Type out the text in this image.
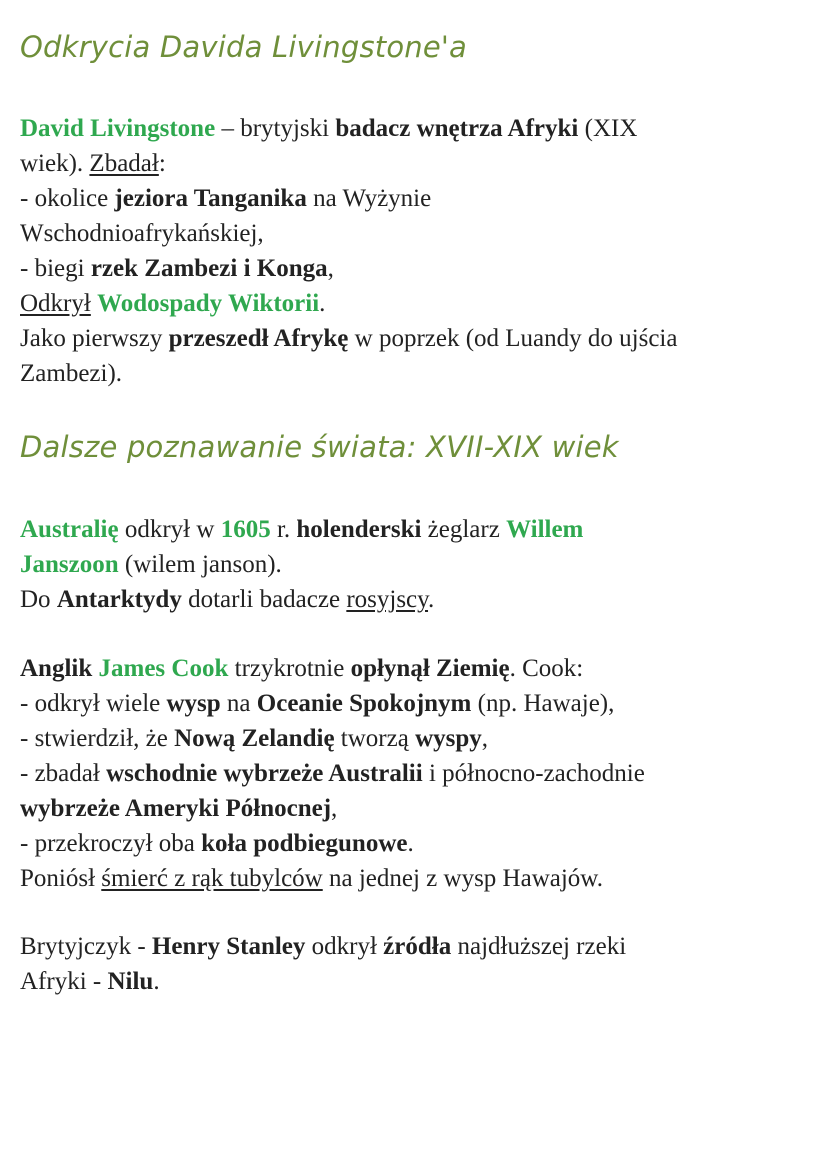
Odkrycia Davida Livingstone'a
David Livingstone – brytyjski badacz wnętrza Afryki (XIX
wiek). Zbadał:
- okolice jeziora Tanganika na Wyżynie
Wschodnioafrykańskiej,
- biegi rzek Zambezi i Konga,
Odkrył Wodospady Wiktorii.
Jako pierwszy przeszedł Afrykę w poprzek (od Luandy do ujścia
Zambezi).
Dalsze poznawanie świata: XVII-XIX wiek
Australię odkrył w 1605 r. holenderski żeglarz Willem
Janszoon (wilem janson).
Do Antarktydy dotarli badacze rosyjscy.
Anglik James Cook trzykrotnie opłynął Ziemię. Cook:
- odkrył wiele wysp na Oceanie Spokojnym (np. Hawaje),
- stwierdził, że Nową Zelandię tworzą wyspy,
- zbadał wschodnie wybrzeże Australii i północno-zachodnie
wybrzeże Ameryki Północnej,
- przekroczył oba koła podbiegunowe.
Poniósł śmierć z rąk tubylców na jednej z wysp Hawajów.
Brytyjczyk - Henry Stanley odkrył źródła najdłuższej rzeki
Afryki - Nilu.
